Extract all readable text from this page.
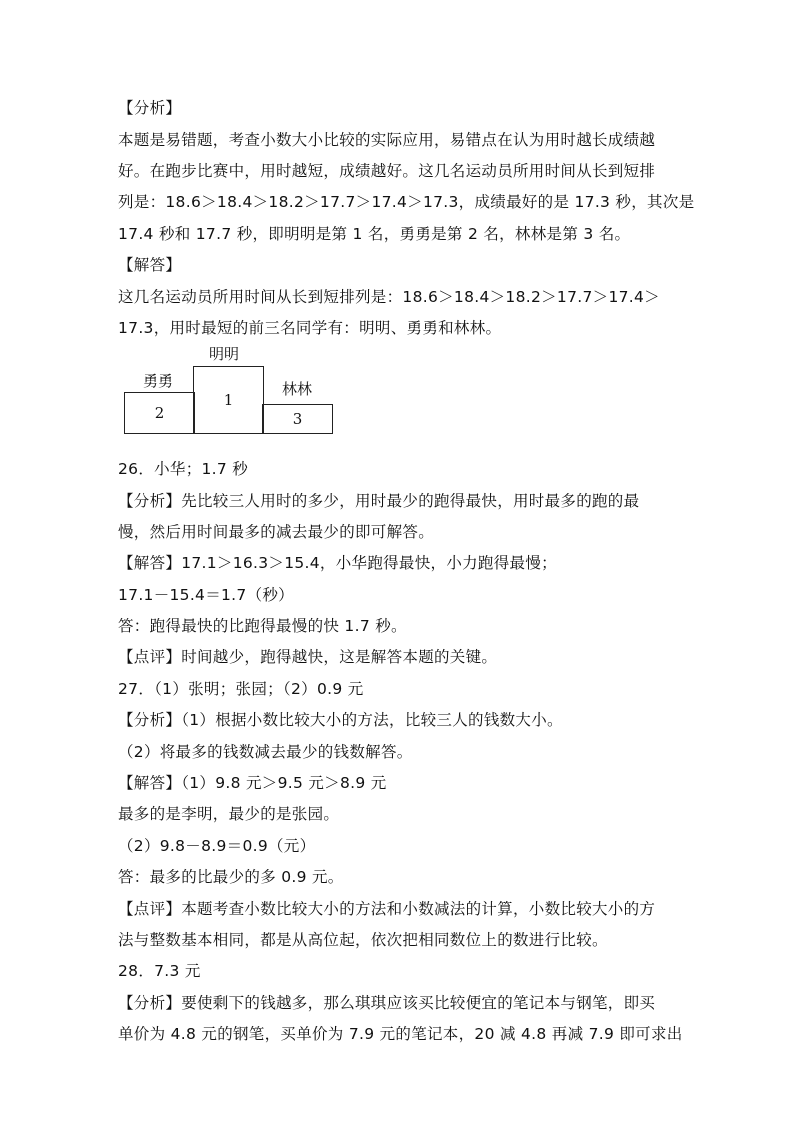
【分析】
本题是易错题，考查小数大小比较的实际应用，易错点在认为用时越长成绩越
好。在跑步比赛中，用时越短，成绩越好。这几名运动员所用时间从长到短排
列是：18.6＞18.4＞18.2＞17.7＞17.4＞17.3，成绩最好的是 17.3 秒，其次是
17.4 秒和 17.7 秒，即明明是第 1 名，勇勇是第 2 名，林林是第 3 名。
【解答】
这几名运动员所用时间从长到短排列是：18.6＞18.4＞18.2＞17.7＞17.4＞
17.3，用时最短的前三名同学有：明明、勇勇和林林。
明明
勇勇	林林
2
1
3
26．小华；1.7 秒
【分析】先比较三人用时的多少，用时最少的跑得最快，用时最多的跑的最
慢，然后用时间最多的减去最少的即可解答。
【解答】17.1＞16.3＞15.4，小华跑得最快，小力跑得最慢；
17.1－15.4＝1.7（秒）
答：跑得最快的比跑得最慢的快 1.7 秒。
【点评】时间越少，跑得越快，这是解答本题的关键。
27．（1）张明；张园；（2）0.9 元
【分析】（1）根据小数比较大小的方法，比较三人的钱数大小。
（2）将最多的钱数减去最少的钱数解答。
【解答】（1）9.8 元＞9.5 元＞8.9 元
最多的是李明，最少的是张园。
（2）9.8－8.9＝0.9（元）
答：最多的比最少的多 0.9 元。
【点评】本题考查小数比较大小的方法和小数减法的计算，小数比较大小的方
法与整数基本相同，都是从高位起，依次把相同数位上的数进行比较。
28．7.3 元
【分析】要使剩下的钱越多，那么琪琪应该买比较便宜的笔记本与钢笔，即买
单价为 4.8 元的钢笔，买单价为 7.9 元的笔记本，20 减 4.8 再减 7.9 即可求出
